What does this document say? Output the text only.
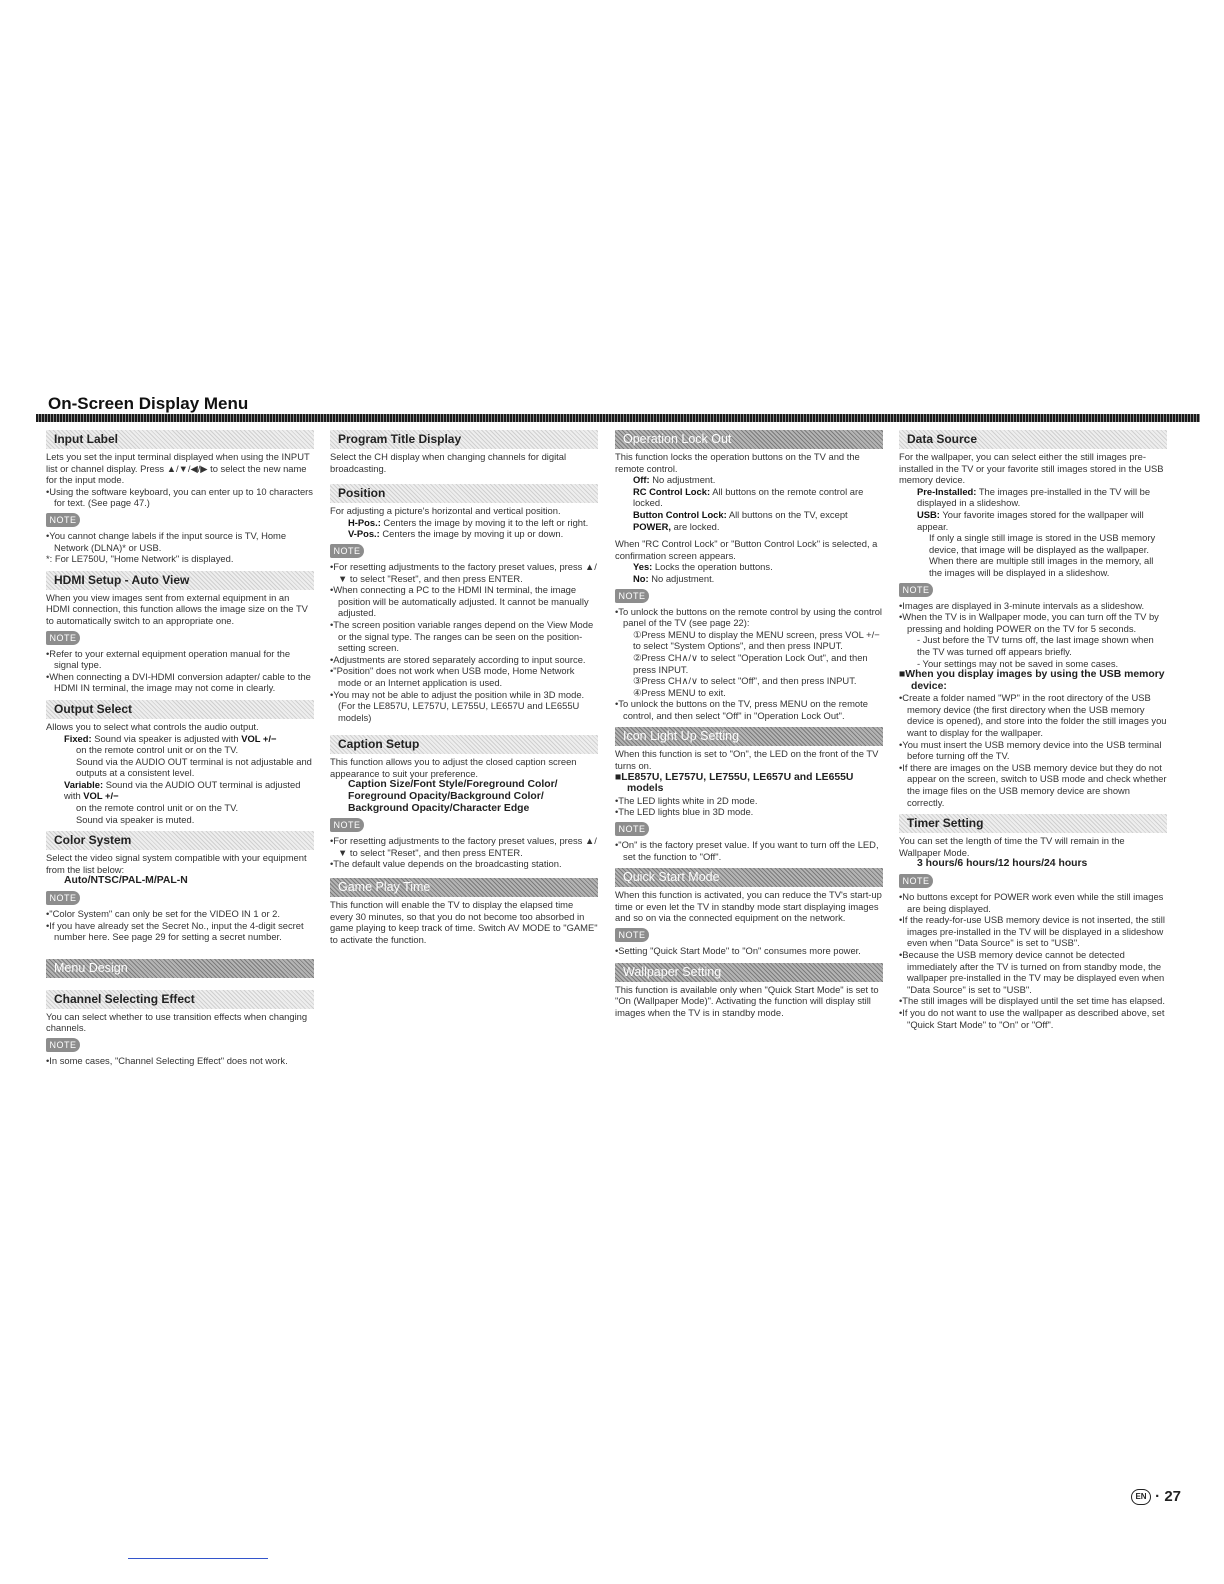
On-Screen Display Menu
Input Label

Lets you set the input terminal displayed when using the INPUT list or channel display. Press ▲/▼/◀/▶ to select the new name for the input mode.

• Using the software keyboard, you can enter up to 10 characters for text. (See page 47.)

NOTE

• You cannot change labels if the input source is TV, Home Network (DLNA)* or USB.

*: For LE750U, "Home Network" is displayed.

HDMI Setup - Auto View

When you view images sent from external equipment in an HDMI connection, this function allows the image size on the TV to automatically switch to an appropriate one.

NOTE

• Refer to your external equipment operation manual for the signal type.

• When connecting a DVI-HDMI conversion adapter/ cable to the HDMI IN terminal, the image may not come in clearly.

Output Select

Allows you to select what controls the audio output.

Fixed: Sound via speaker is adjusted with VOL +/−

on the remote control unit or on the TV.

Sound via the AUDIO OUT terminal is not adjustable and outputs at a consistent level.

Variable: Sound via the AUDIO OUT terminal is adjusted with VOL +/−

on the remote control unit or on the TV.

Sound via speaker is muted.

Color System

Select the video signal system compatible with your equipment from the list below:

Auto/NTSC/PAL-M/PAL-N

NOTE

• "Color System" can only be set for the VIDEO IN 1 or 2.

• If you have already set the Secret No., input the 4-digit secret number here. See page 29 for setting a secret number.

Menu Design
Channel Selecting Effect

You can select whether to use transition effects when changing channels.

NOTE

• In some cases, "Channel Selecting Effect" does not work.

Program Title Display

Select the CH display when changing channels for digital broadcasting.

Position

For adjusting a picture's horizontal and vertical position.

H-Pos.: Centers the image by moving it to the left or right.

V-Pos.: Centers the image by moving it up or down.

NOTE

• For resetting adjustments to the factory preset values, press ▲/▼ to select "Reset", and then press ENTER.

• When connecting a PC to the HDMI IN terminal, the image position will be automatically adjusted. It cannot be manually adjusted.

• The screen position variable ranges depend on the View Mode or the signal type. The ranges can be seen on the position-setting screen.

• Adjustments are stored separately according to input source.

• "Position" does not work when USB mode, Home Network mode or an Internet application is used.

• You may not be able to adjust the position while in 3D mode. (For the LE857U, LE757U, LE755U, LE657U and LE655U models)

Caption Setup

This function allows you to adjust the closed caption screen appearance to suit your preference.

Caption Size/Font Style/Foreground Color/ Foreground Opacity/Background Color/ Background Opacity/Character Edge

NOTE

• For resetting adjustments to the factory preset values, press ▲/▼ to select "Reset", and then press ENTER.

• The default value depends on the broadcasting station.

Game Play Time

This function will enable the TV to display the elapsed time every 30 minutes, so that you do not become too absorbed in game playing to keep track of time. Switch AV MODE to "GAME" to activate the function.

Operation Lock Out

This function locks the operation buttons on the TV and the remote control.

Off: No adjustment.

RC Control Lock: All buttons on the remote control are locked.

Button Control Lock: All buttons on the TV, except POWER, are locked.

When "RC Control Lock" or "Button Control Lock" is selected, a confirmation screen appears.

Yes: Locks the operation buttons.

No: No adjustment.

NOTE

• To unlock the buttons on the remote control by using the control panel of the TV (see page 22):

①Press MENU to display the MENU screen, press VOL +/− to select "System Options", and then press INPUT.

②Press CH∧/∨ to select "Operation Lock Out", and then press INPUT.

③Press CH∧/∨ to select "Off", and then press INPUT.

④Press MENU to exit.

• To unlock the buttons on the TV, press MENU on the remote control, and then select "Off" in "Operation Lock Out".

Icon Light Up Setting

When this function is set to "On", the LED on the front of the TV turns on.

■ LE857U, LE757U, LE755U, LE657U and LE655U models

• The LED lights white in 2D mode.

• The LED lights blue in 3D mode.

NOTE

• "On" is the factory preset value. If you want to turn off the LED, set the function to "Off".

Quick Start Mode

When this function is activated, you can reduce the TV's start-up time or even let the TV in standby mode start displaying images and so on via the connected equipment on the network.

NOTE

• Setting "Quick Start Mode" to "On" consumes more power.

Wallpaper Setting

This function is available only when "Quick Start Mode" is set to "On (Wallpaper Mode)". Activating the function will display still images when the TV is in standby mode.

Data Source

For the wallpaper, you can select either the still images pre-installed in the TV or your favorite still images stored in the USB memory device.

Pre-Installed: The images pre-installed in the TV will be displayed in a slideshow.

USB: Your favorite images stored for the wallpaper will appear.

If only a single still image is stored in the USB memory device, that image will be displayed as the wallpaper. When there are multiple still images in the memory, all the images will be displayed in a slideshow.

NOTE

• Images are displayed in 3-minute intervals as a slideshow.

• When the TV is in Wallpaper mode, you can turn off the TV by pressing and holding POWER on the TV for 5 seconds.

- Just before the TV turns off, the last image shown when the TV was turned off appears briefly.

- Your settings may not be saved in some cases.

■ When you display images by using the USB memory device:

• Create a folder named "WP" in the root directory of the USB memory device (the first directory when the USB memory device is opened), and store into the folder the still images you want to display for the wallpaper.

• You must insert the USB memory device into the USB terminal before turning off the TV.

• If there are images on the USB memory device but they do not appear on the screen, switch to USB mode and check whether the image files on the USB memory device are shown correctly.

Timer Setting

You can set the length of time the TV will remain in the Wallpaper Mode.

3 hours/6 hours/12 hours/24 hours

NOTE

• No buttons except for POWER work even while the still images are being displayed.

• If the ready-for-use USB memory device is not inserted, the still images pre-installed in the TV will be displayed in a slideshow even when "Data Source" is set to "USB".

• Because the USB memory device cannot be detected immediately after the TV is turned on from standby mode, the wallpaper pre-installed in the TV may be displayed even when "Data Source" is set to "USB".

• The still images will be displayed until the set time has elapsed.

• If you do not want to use the wallpaper as described above, set "Quick Start Mode" to "On" or "Off".

EN · 27
